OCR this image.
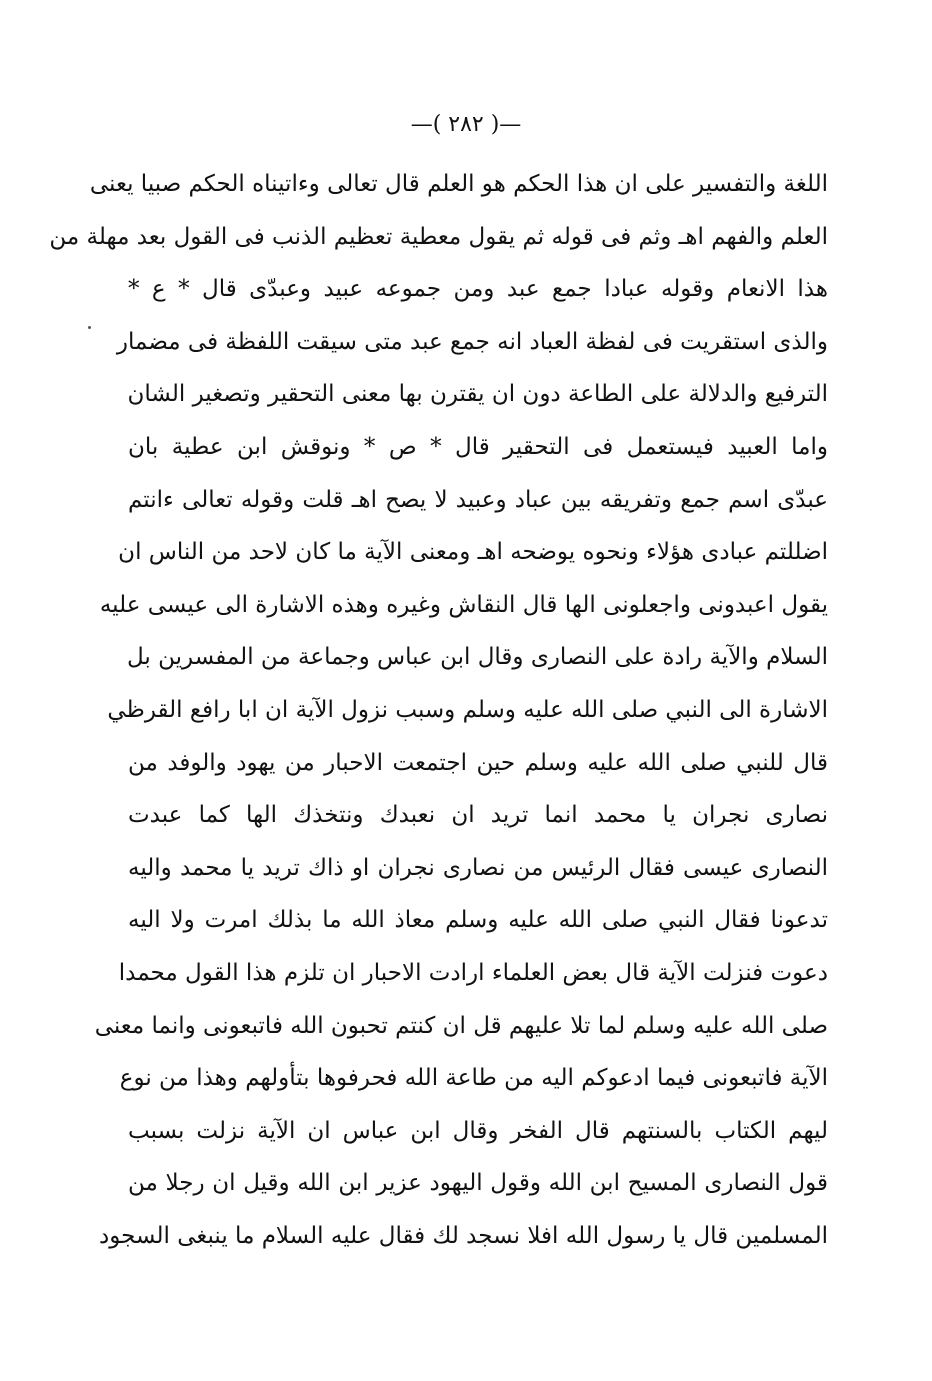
—( ٢٨٢ )—
اللغة والتفسير على ان هذا الحكم هو العلم قال تعالى وءاتيناه الحكم صبيا يعنى
العلم والفهم اهـ وثم فى قوله ثم يقول معطية تعظيم الذنب فى القول بعد مهلة من
هذا الانعام وقوله عبادا جمع عبد ومن جموعه عبيد وعبدّى قال * ع *
والذى استقريت فى لفظة العباد انه جمع عبد متى سيقت اللفظة فى مضمار
الترفيع والدلالة على الطاعة دون ان يقترن بها معنى التحقير وتصغير الشان
واما العبيد فيستعمل فى التحقير قال * ص * ونوقش ابن عطية بان
عبدّى اسم جمع وتفريقه بين عباد وعبيد لا يصح اهـ قلت وقوله تعالى ءانتم
اضللتم عبادى هؤلاء ونحوه يوضحه اهـ ومعنى الآية ما كان لاحد من الناس ان
يقول اعبدونى واجعلونى الها قال النقاش وغيره وهذه الاشارة الى عيسى عليه
السلام والآية رادة على النصارى وقال ابن عباس وجماعة من المفسرين بل
الاشارة الى النبي صلى الله عليه وسلم وسبب نزول الآية ان ابا رافع القرظي
قال للنبي صلى الله عليه وسلم حين اجتمعت الاحبار من يهود والوفد من
نصارى نجران يا محمد انما تريد ان نعبدك ونتخذك الها كما عبدت
النصارى عيسى فقال الرئيس من نصارى نجران او ذاك تريد يا محمد واليه
تدعونا فقال النبي صلى الله عليه وسلم معاذ الله ما بذلك امرت ولا اليه
دعوت فنزلت الآية قال بعض العلماء ارادت الاحبار ان تلزم هذا القول محمدا
صلى الله عليه وسلم لما تلا عليهم قل ان كنتم تحبون الله فاتبعونى وانما معنى
الآية فاتبعونى فيما ادعوكم اليه من طاعة الله فحرفوها بتأولهم وهذا من نوع
ليهم الكتاب بالسنتهم قال الفخر وقال ابن عباس ان الآية نزلت بسبب
قول النصارى المسيح ابن الله وقول اليهود عزير ابن الله وقيل ان رجلا من
المسلمين قال يا رسول الله افلا نسجد لك فقال عليه السلام ما ينبغى السجود
